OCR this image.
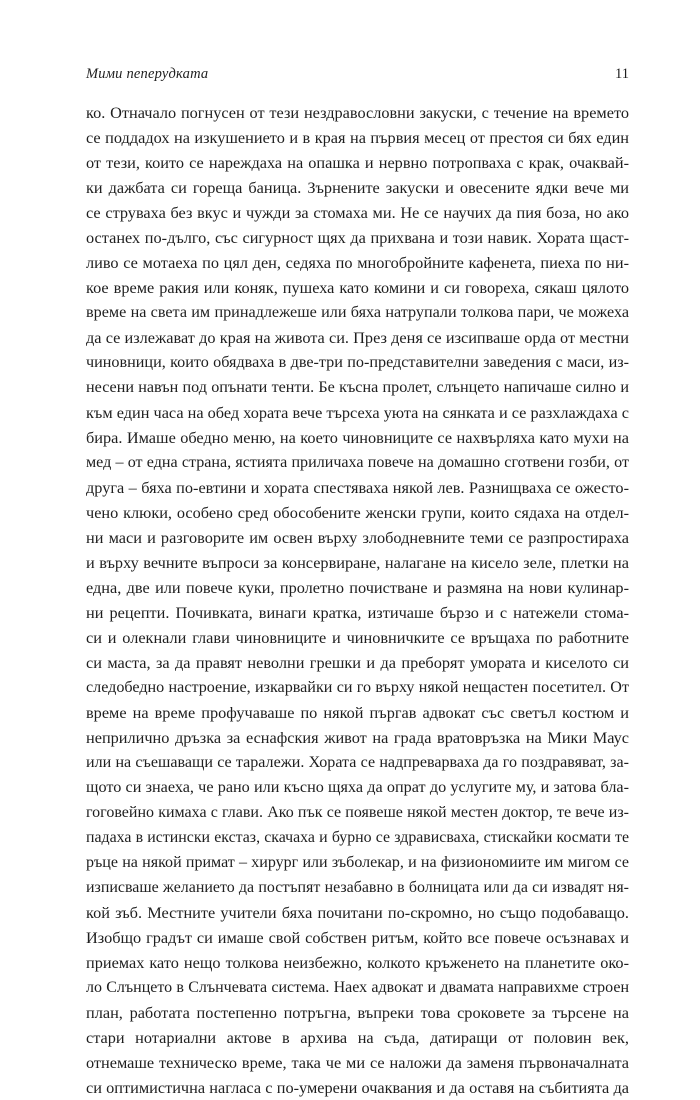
Мими пеперудката	11
ко. Отначало погнусен от тези нездравословни закуски, с течение на времето
се поддадох на изкушението и в края на първия месец от престоя си бях един
от тези, които се нареждаха на опашка и нервно потропваха с крак, очаквай-
ки дажбата си гореща баница. Зърнените закуски и овесените ядки вече ми
се струваха без вкус и чужди за стомаха ми. Не се научих да пия боза, но ако
останех по-дълго, със сигурност щях да прихвана и този навик. Хората щаст-
ливо се мотаеха по цял ден, седяха по многобройните кафенета, пиеха по ни-
кое време ракия или коняк, пушеха като комини и си говореха, сякаш цялото
време на света им принадлежеше или бяха натрупали толкова пари, че можеха
да се излежават до края на живота си. През деня се изсипваше орда от местни
чиновници, които обядваха в две-три по-представителни заведения с маси, из-
несени навън под опънати тенти. Бе късна пролет, слънцето напичаше силно и
към един часа на обед хората вече търсеха уюта на сянката и се разхлаждаха с
бира. Имаше обедно меню, на което чиновниците се нахвърляха като мухи на
мед – от една страна, ястията приличаха повече на домашно сготвени гозби, от
друга – бяха по-евтини и хората спестяваха някой лев. Разнищваха се ожесто-
чено клюки, особено сред обособените женски групи, които сядаха на отдел-
ни маси и разговорите им освен върху злободневните теми се разпростираха
и върху вечните въпроси за консервиране, налагане на кисело зеле, плетки на
една, две или повече куки, пролетно почистване и размяна на нови кулинар-
ни рецепти. Почивката, винаги кратка, изтичаше бързо и с натежели стома-
си и олекнали глави чиновниците и чиновничките се връщаха по работните
си маста, за да правят неволни грешки и да преборят умората и киселото си
следобедно настроение, изкарвайки си го върху някой нещастен посетител. От
време на време профучаваше по някой пъргав адвокат със светъл костюм и
неприлично дръзка за еснафския живот на града вратовръзка на Мики Маус
или на съешаващи се таралежи. Хората се надпреварваха да го поздравяват, за-
щото си знаеха, че рано или късно щяха да опрат до услугите му, и затова бла-
гоговейно кимаха с глави. Ако пък се появеше някой местен доктор, те вече из-
падаха в истински екстаз, скачаха и бурно се здрависваха, стискайки космати те
ръце на някой примат – хирург или зъболекар, и на физиономиите им мигом се
изписваше желанието да постъпят незабавно в болницата или да си извадят ня-
кой зъб. Местните учители бяха почитани по-скромно, но също подобаващо.
Изобщо градът си имаше свой собствен ритъм, който все повече осъзнавах и
приемах като нещо толкова неизбежно, колкото кръженето на планетите око-
ло Слънцето в Слънчевата система. Наех адвокат и двамата направихме строен
план, работата постепенно потръгна, въпреки това сроковете за търсене на
стари нотариални актове в архива на съда, датиращи от половин век,
отнемаше техническо време, така че ми се наложи да заменя първоначалната
си оптимистична нагласа с по-умерени очаквания и да оставя на събитията да
